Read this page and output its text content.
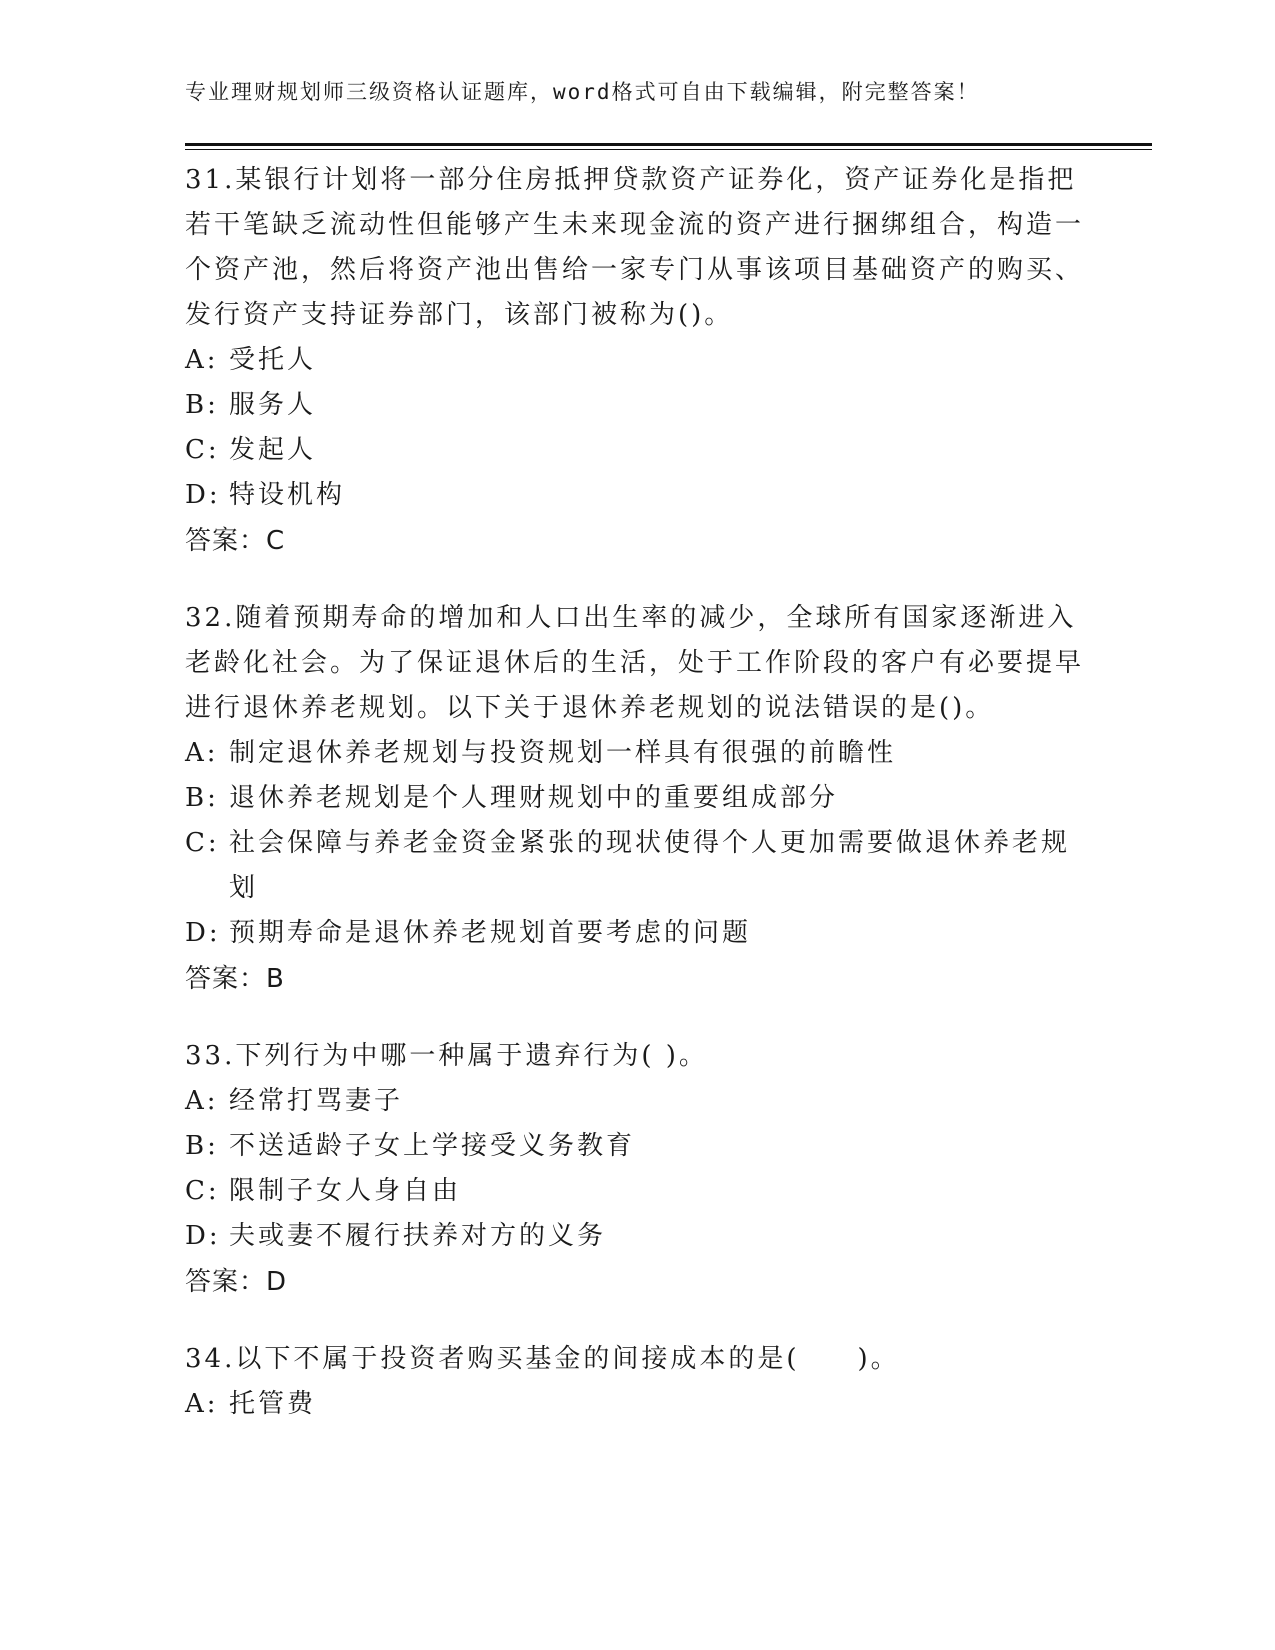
专业理财规划师三级资格认证题库，word格式可自由下载编辑，附完整答案！
31.某银行计划将一部分住房抵押贷款资产证券化，资产证券化是指把若干笔缺乏流动性但能够产生未来现金流的资产进行捆绑组合，构造一个资产池，然后将资产池出售给一家专门从事该项目基础资产的购买、发行资产支持证券部门，该部门被称为()。
A: 受托人
B: 服务人
C: 发起人
D: 特设机构
答案：C
32.随着预期寿命的增加和人口出生率的减少，全球所有国家逐渐进入老龄化社会。为了保证退休后的生活，处于工作阶段的客户有必要提早进行退休养老规划。以下关于退休养老规划的说法错误的是()。
A: 制定退休养老规划与投资规划一样具有很强的前瞻性
B: 退休养老规划是个人理财规划中的重要组成部分
C: 社会保障与养老金资金紧张的现状使得个人更加需要做退休养老规划
D: 预期寿命是退休养老规划首要考虑的问题
答案：B
33.下列行为中哪一种属于遗弃行为( )。
A: 经常打骂妻子
B: 不送适龄子女上学接受义务教育
C: 限制子女人身自由
D: 夫或妻不履行扶养对方的义务
答案：D
34.以下不属于投资者购买基金的间接成本的是(　　)。
A: 托管费
